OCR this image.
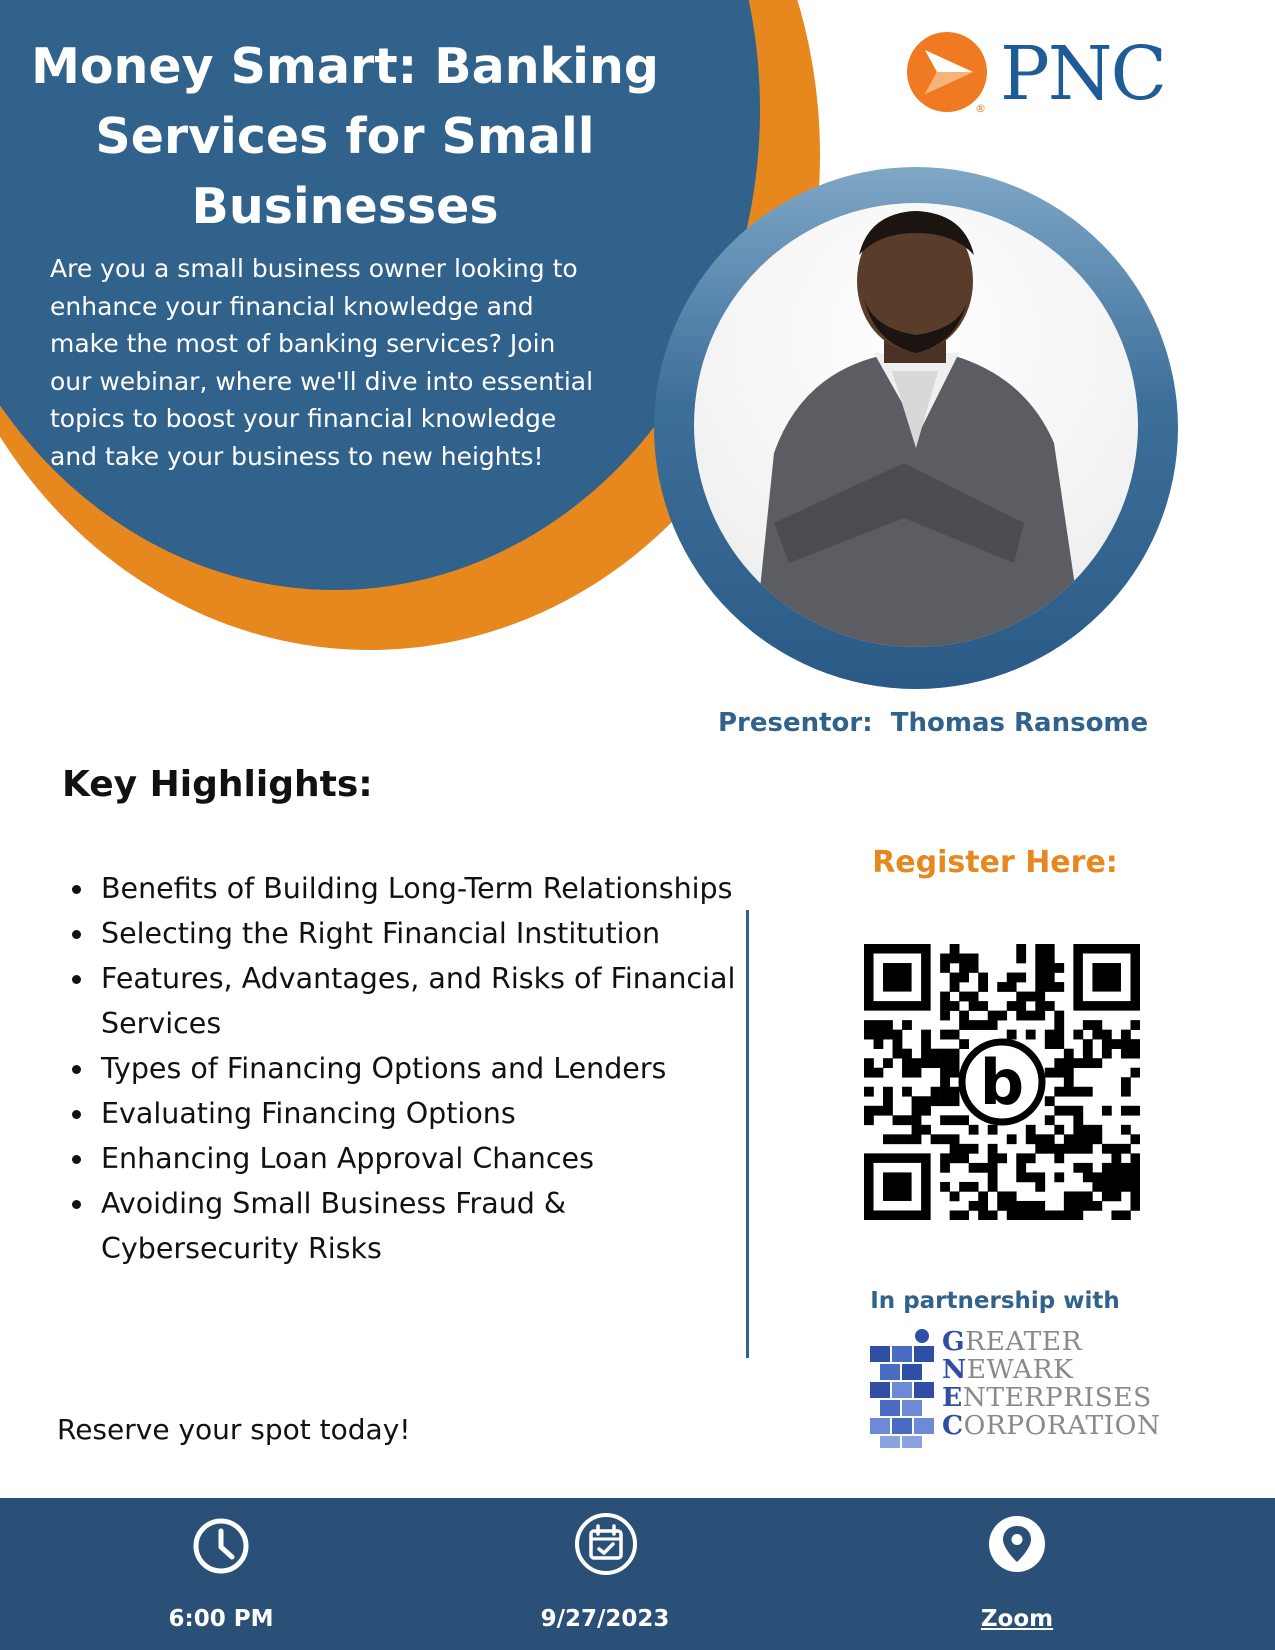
Money Smart: Banking
Services for Small
Businesses

Are you a small business owner looking to
enhance your financial knowledge and
make the most of banking services? Join
our webinar, where we'll dive into essential
topics to boost your financial knowledge
and take your business to new heights!

® PNC

Presentor:  Thomas Ransome

Key Highlights:
Benefits of Building Long-Term Relationships
Selecting the Right Financial Institution
Features, Advantages, and Risks of Financial Services
Types of Financing Options and Lenders
Evaluating Financing Options
Enhancing Loan Approval Chances
Avoiding Small Business Fraud & Cybersecurity Risks

Reserve your spot today!

Register Here:

b

In partnership with

GREATER
NEWARK
ENTERPRISES
CORPORATION

6:00 PM	9/27/2023	Zoom
